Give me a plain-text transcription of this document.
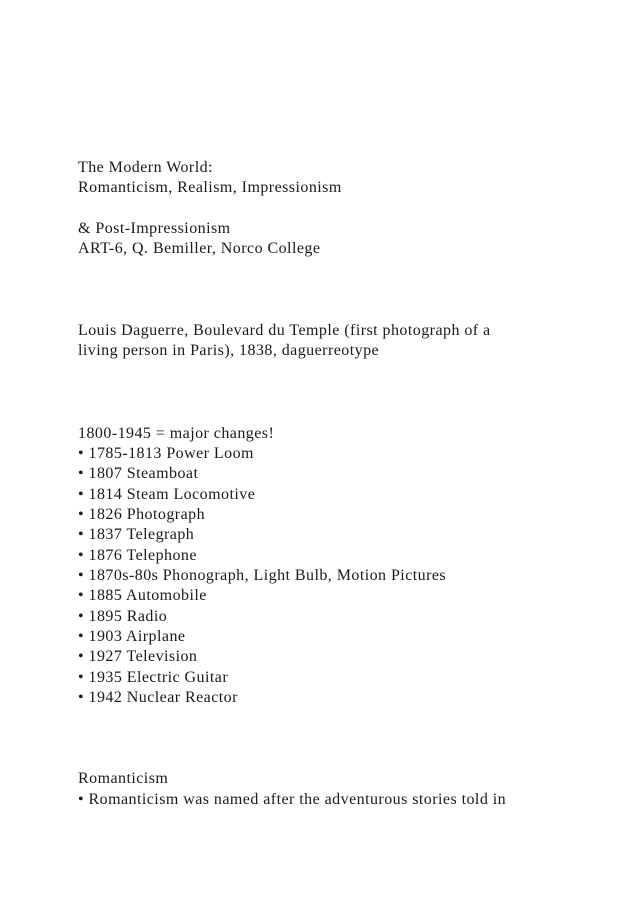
The Modern World:
Romanticism, Realism, Impressionism
& Post-Impressionism
ART-6, Q. Bemiller, Norco College
Louis Daguerre, Boulevard du Temple (first photograph of a
living person in Paris), 1838, daguerreotype
1800-1945 = major changes!
• 1785-1813 Power Loom
• 1807 Steamboat
• 1814 Steam Locomotive
• 1826 Photograph
• 1837 Telegraph
• 1876 Telephone
• 1870s-80s Phonograph, Light Bulb, Motion Pictures
• 1885 Automobile
• 1895 Radio
• 1903 Airplane
• 1927 Television
• 1935 Electric Guitar
• 1942 Nuclear Reactor
Romanticism
• Romanticism was named after the adventurous stories told in
